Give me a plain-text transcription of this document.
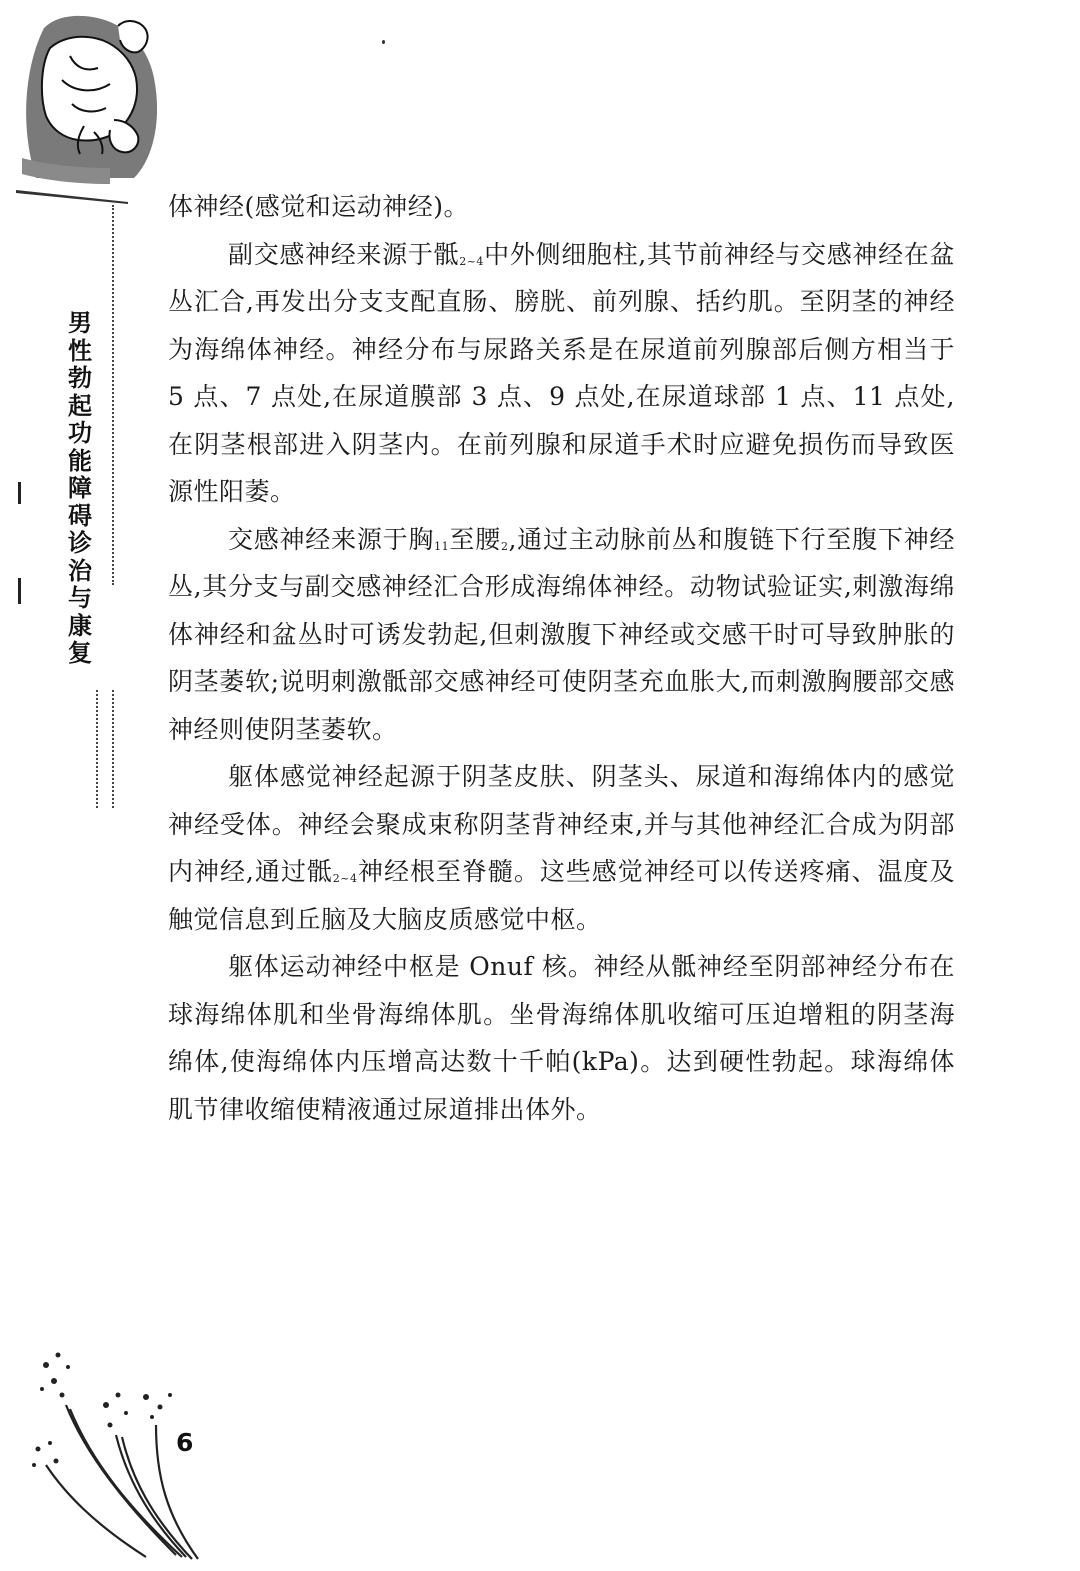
男
性
勃
起
功
能
障
碍
诊
治
与
康
复

体神经(感觉和运动神经)。

副交感神经来源于骶$_{2\sim 4}$中外侧细胞柱,其节前神经与交感神经在盆丛汇合,再发出分支支配直肠、膀胱、前列腺、括约肌。至阴茎的神经为海绵体神经。神经分布与尿路关系是在尿道前列腺部后侧方相当于 5 点、7 点处,在尿道膜部 3 点、9 点处,在尿道球部 1 点、11 点处,在阴茎根部进入阴茎内。在前列腺和尿道手术时应避免损伤而导致医源性阳萎。

交感神经来源于胸$_{11}$至腰$_2$,通过主动脉前丛和腹链下行至腹下神经丛,其分支与副交感神经汇合形成海绵体神经。动物试验证实,刺激海绵体神经和盆丛时可诱发勃起,但刺激腹下神经或交感干时可导致肿胀的阴茎萎软;说明刺激骶部交感神经可使阴茎充血胀大,而刺激胸腰部交感神经则使阴茎萎软。

躯体感觉神经起源于阴茎皮肤、阴茎头、尿道和海绵体内的感觉神经受体。神经会聚成束称阴茎背神经束,并与其他神经汇合成为阴部内神经,通过骶$_{2\sim 4}$神经根至脊髓。这些感觉神经可以传送疼痛、温度及触觉信息到丘脑及大脑皮质感觉中枢。

躯体运动神经中枢是 Onuf 核。神经从骶神经至阴部神经分布在球海绵体肌和坐骨海绵体肌。坐骨海绵体肌收缩可压迫增粗的阴茎海绵体,使海绵体内压增高达数十千帕(kPa)。达到硬性勃起。球海绵体肌节律收缩使精液通过尿道排出体外。

6
